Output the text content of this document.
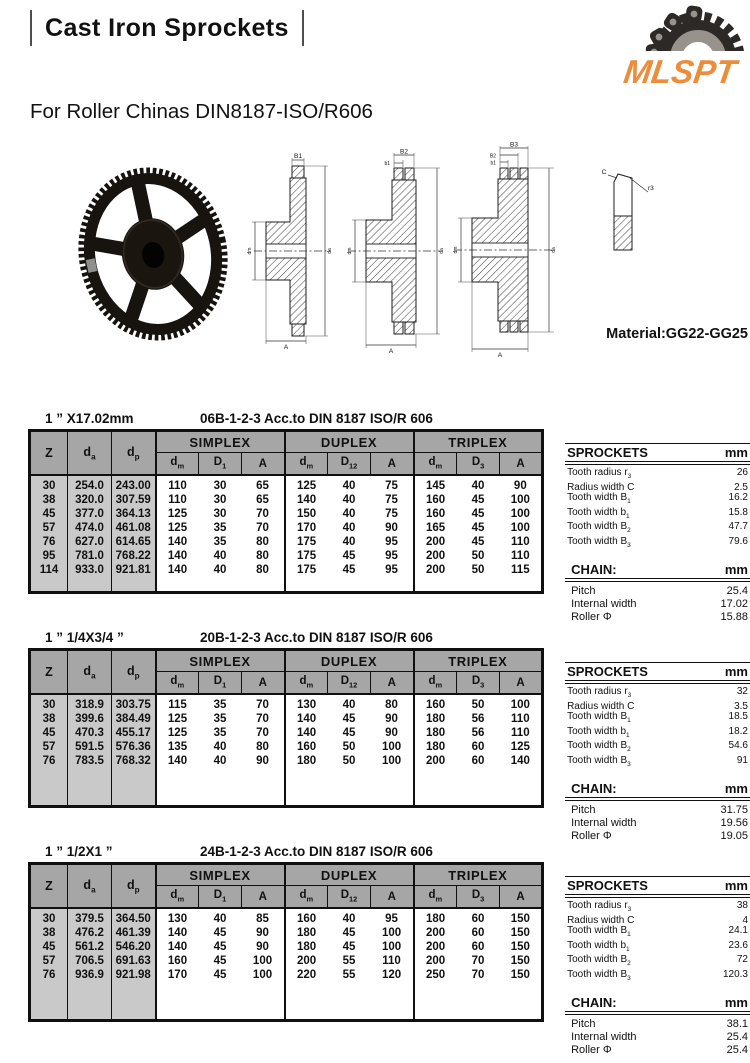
Cast Iron Sprockets
MLSPT
For Roller Chinas DIN8187-ISO/R606
B1
A
dm	da
B2
b1
A
dm	da
B3
B2
b1
A
dm	da
C
r3
Material:GG22-GG25
1 ” X17.02mm	06B-1-2-3 Acc.to DIN 8187 ISO/R 606
Z	$d_a$	$d_p$	SIMPLEX			DUPLEX			TRIPLEX		
			$d_m$	$D_1$	A	$d_m$	$D_{12}$	A	$d_m$	$D_3$	A
30	254.0	243.00	110	30	65	125	40	75	145	40	90
38	320.0	307.59	110	30	65	140	40	75	160	45	100
45	377.0	364.13	125	30	70	150	40	75	160	45	100
57	474.0	461.08	125	35	70	170	40	90	165	45	100
76	627.0	614.65	140	35	80	175	40	95	200	45	110
95	781.0	768.22	140	40	80	175	45	95	200	50	110
114	933.0	921.81	140	40	80	175	45	95	200	50	115

SPROCKETS	mm
Tooth radius $r_3$	26
Radius width C	2.5
Tooth width $B_1$	16.2
Tooth width $b_1$	15.8
Tooth width $B_2$	47.7
Tooth width $B_3$	79.6
CHAIN:	mm
Pitch	25.4
Internal width	17.02
Roller Φ	15.88
1 ” 1/4X3/4 ”	20B-1-2-3 Acc.to DIN 8187 ISO/R 606
Z	$d_a$	$d_p$	SIMPLEX			DUPLEX			TRIPLEX		
			$d_m$	$D_1$	A	$d_m$	$D_{12}$	A	$d_m$	$D_3$	A
30	318.9	303.75	115	35	70	130	40	80	160	50	100
38	399.6	384.49	125	35	70	140	45	90	180	56	110
45	470.3	455.17	125	35	70	140	45	90	180	56	110
57	591.5	576.36	135	40	80	160	50	100	180	60	125
76	783.5	768.32	140	40	90	180	50	100	200	60	140

SPROCKETS	mm
Tooth radius $r_3$	32
Radius width C	3.5
Tooth width $B_1$	18.5
Tooth width $b_1$	18.2
Tooth width $B_2$	54.6
Tooth width $B_3$	91
CHAIN:	mm
Pitch	31.75
Internal width	19.56
Roller Φ	19.05
1 ” 1/2X1 ”	24B-1-2-3 Acc.to DIN 8187 ISO/R 606
Z	$d_a$	$d_p$	SIMPLEX			DUPLEX			TRIPLEX		
			$d_m$	$D_1$	A	$d_m$	$D_{12}$	A	$d_m$	$D_3$	A
30	379.5	364.50	130	40	85	160	40	95	180	60	150
38	476.2	461.39	140	45	90	180	45	100	200	60	150
45	561.2	546.20	140	45	90	180	45	100	200	60	150
57	706.5	691.63	160	45	100	200	55	110	200	70	150
76	936.9	921.98	170	45	100	220	55	120	250	70	150

SPROCKETS	mm
Tooth radius $r_3$	38
Radius width C	4
Tooth width $B_1$	24.1
Tooth width $b_1$	23.6
Tooth width $B_2$	72
Tooth width $B_3$	120.3
CHAIN:	mm
Pitch	38.1
Internal width	25.4
Roller Φ	25.4
